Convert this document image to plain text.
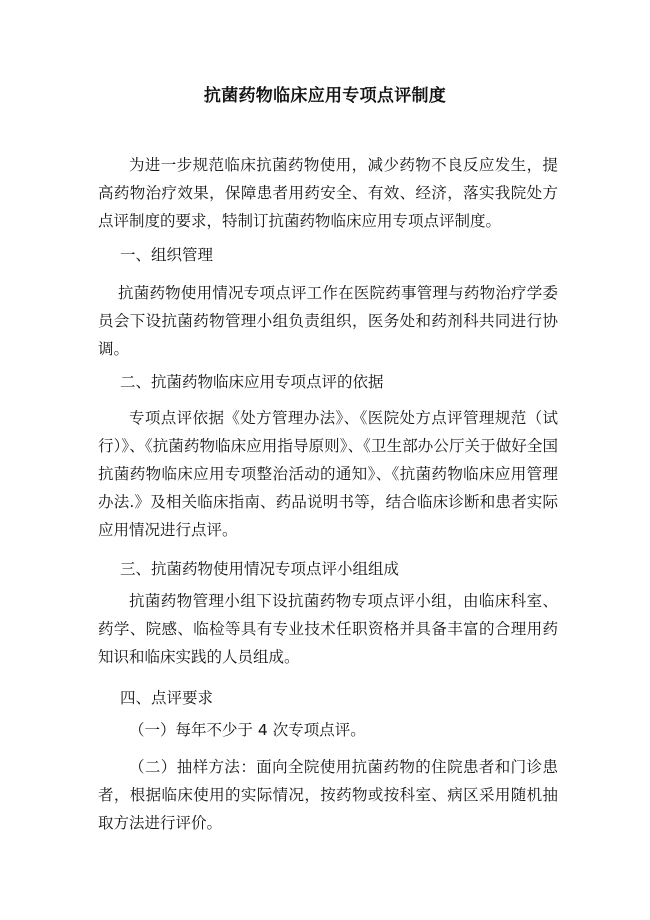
抗菌药物临床应用专项点评制度

为进一步规范临床抗菌药物使用，减少药物不良反应发生，提高药物治疗效果，保障患者用药安全、有效、经济，落实我院处方点评制度的要求，特制订抗菌药物临床应用专项点评制度。

一、组织管理

抗菌药物使用情况专项点评工作在医院药事管理与药物治疗学委员会下设抗菌药物管理小组负责组织，医务处和药剂科共同进行协调。

二、抗菌药物临床应用专项点评的依据

专项点评依据《处方管理办法》、《医院处方点评管理规范（试行）》、《抗菌药物临床应用指导原则》、《卫生部办公厅关于做好全国抗菌药物临床应用专项整治活动的通知》、《抗菌药物临床应用管理办法.》及相关临床指南、药品说明书等，结合临床诊断和患者实际应用情况进行点评。

三、抗菌药物使用情况专项点评小组组成

抗菌药物管理小组下设抗菌药物专项点评小组，由临床科室、药学、院感、临检等具有专业技术任职资格并具备丰富的合理用药知识和临床实践的人员组成。

四、点评要求

（一）每年不少于 4 次专项点评。

（二）抽样方法：面向全院使用抗菌药物的住院患者和门诊患者，根据临床使用的实际情况，按药物或按科室、病区采用随机抽取方法进行评价。
